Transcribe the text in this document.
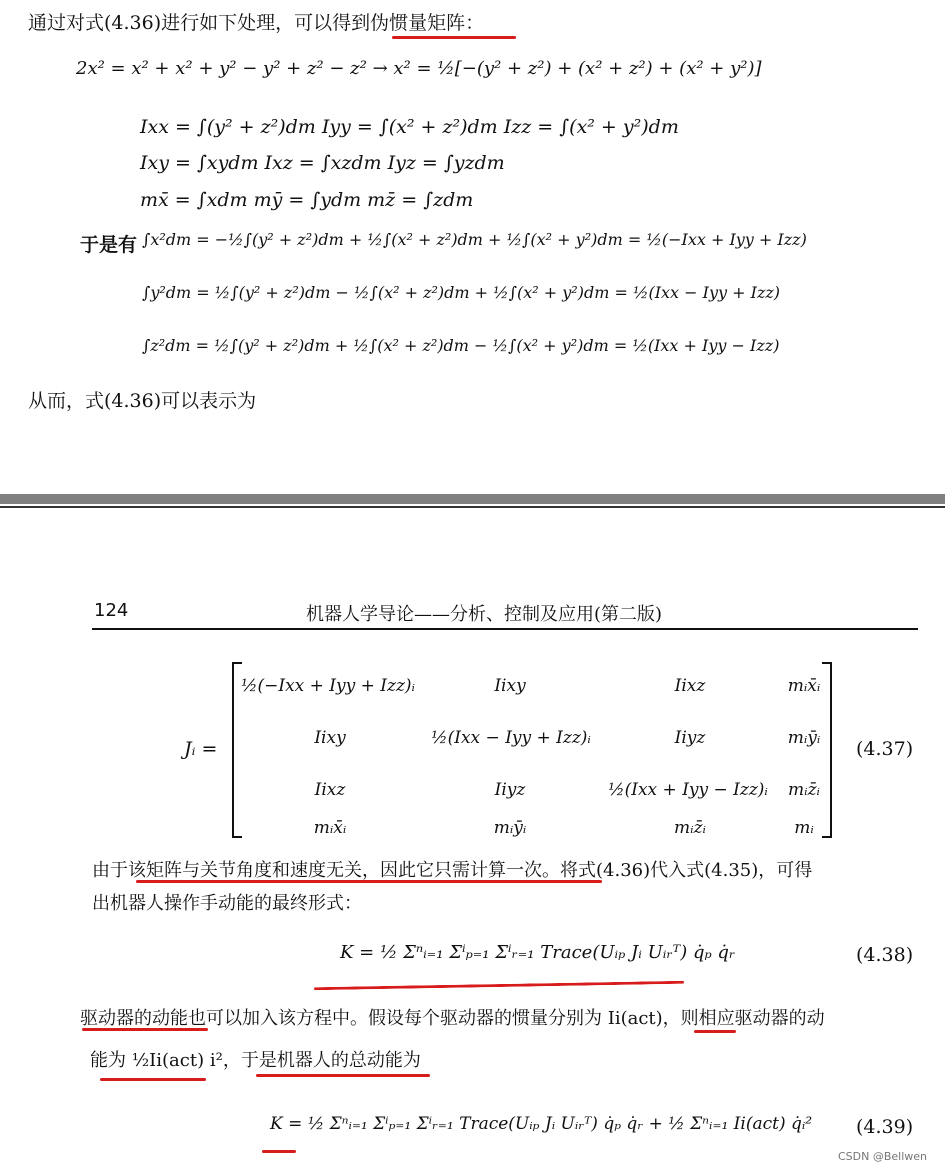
通过对式(4.36)进行如下处理，可以得到伪惯量矩阵：
2x² = x² + x² + y² − y² + z² − z² → x² = ½[−(y² + z²) + (x² + z²) + (x² + y²)]
Ixx = ∫(y² + z²)dm Iyy = ∫(x² + z²)dm Izz = ∫(x² + y²)dm
Ixy = ∫xydm Ixz = ∫xzdm Iyz = ∫yzdm
mx̄ = ∫xdm mȳ = ∫ydm mz̄ = ∫zdm
于是有 ∫x²dm = −½∫(y² + z²)dm + ½∫(x² + z²)dm + ½∫(x² + y²)dm = ½(−Ixx + Iyy + Izz)
∫y²dm = ½∫(y² + z²)dm − ½∫(x² + z²)dm + ½∫(x² + y²)dm = ½(Ixx − Iyy + Izz)
∫z²dm = ½∫(y² + z²)dm + ½∫(x² + z²)dm − ½∫(x² + y²)dm = ½(Ixx + Iyy − Izz)
从而，式(4.36)可以表示为
124	机器人学导论——分析、控制及应用(第二版)
Jᵢ =
½(−Ixx + Iyy + Izz)ᵢ	Iixy	Iixz	mᵢx̄ᵢ
Iixy	½(Ixx − Iyy + Izz)ᵢ	Iiyz	mᵢȳᵢ
Iixz	Iiyz	½(Ixx + Iyy − Izz)ᵢ	mᵢz̄ᵢ
mᵢx̄ᵢ	mᵢȳᵢ	mᵢz̄ᵢ	mᵢ
(4.37)
由于该矩阵与关节角度和速度无关，因此它只需计算一次。将式(4.36)代入式(4.35)，可得
出机器人操作手动能的最终形式：
K = ½ Σⁿᵢ₌₁ Σⁱₚ₌₁ Σⁱᵣ₌₁ Trace(Uᵢₚ Jᵢ Uᵢᵣᵀ) q̇ₚ q̇ᵣ	(4.38)
驱动器的动能也可以加入该方程中。假设每个驱动器的惯量分别为 Ii(act)，则相应驱动器的动
能为 ½Ii(act) i²，于是机器人的总动能为
K = ½ Σⁿᵢ₌₁ Σⁱₚ₌₁ Σⁱᵣ₌₁ Trace(Uᵢₚ Jᵢ Uᵢᵣᵀ) q̇ₚ q̇ᵣ + ½ Σⁿᵢ₌₁ Ii(act) q̇ᵢ² (4.39)
CSDN @Bellwen
